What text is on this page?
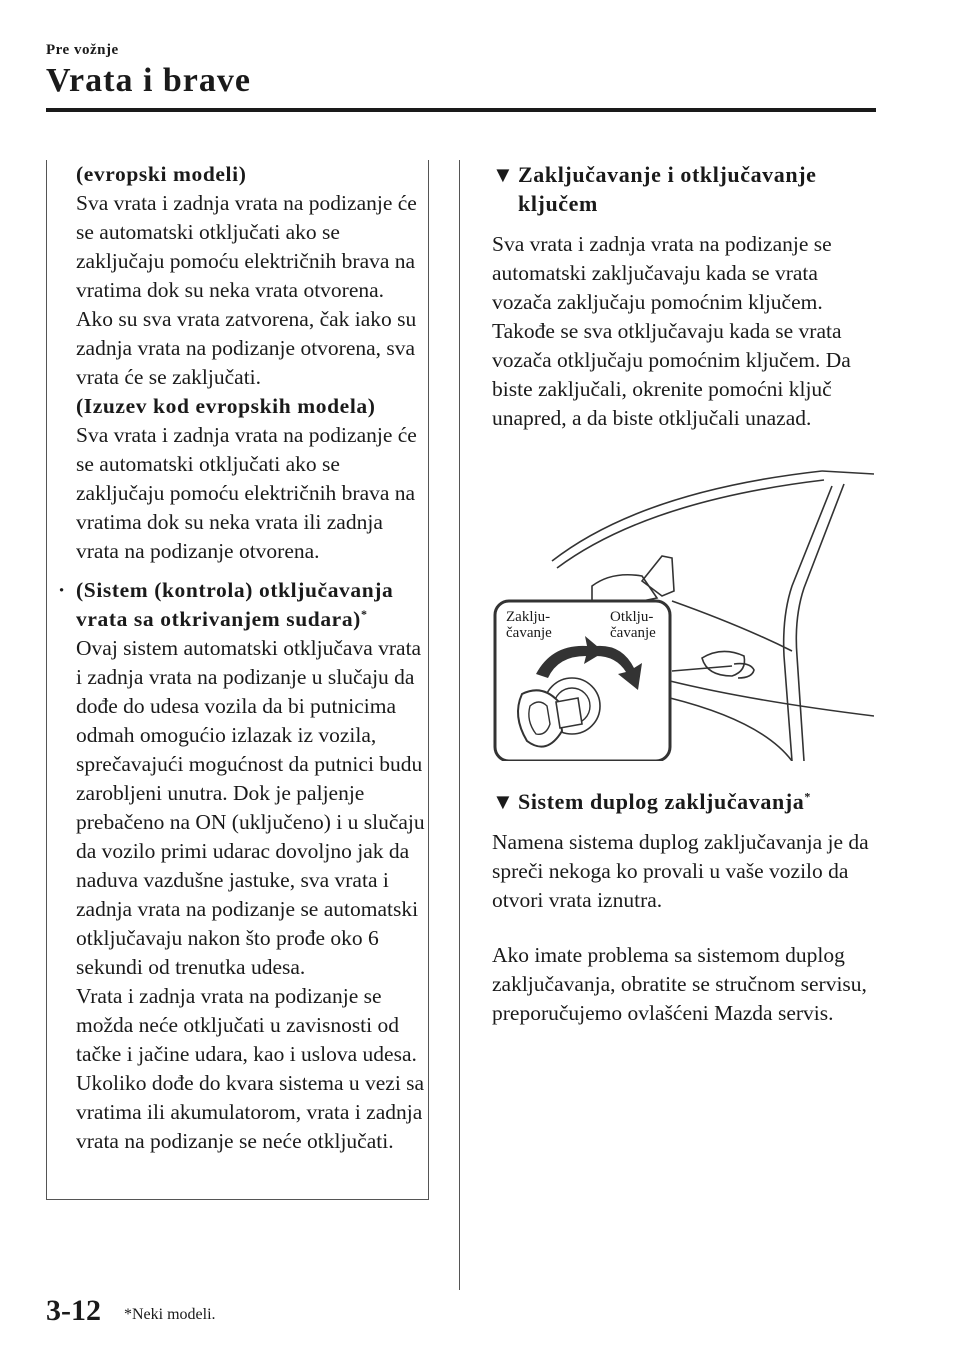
Pre vožnje
Vrata i brave

(evropski modeli)

Sva vrata i zadnja vrata na podizanje će se automatski otključati ako se zaključaju pomoću električnih brava na vratima dok su neka vrata otvorena.

Ako su sva vrata zatvorena, čak iako su zadnja vrata na podizanje otvorena, sva vrata će se zaključati.

(Izuzev kod evropskih modela)

Sva vrata i zadnja vrata na podizanje će se automatski otključati ako se zaključaju pomoću električnih brava na vratima dok su neka vrata ili zadnja vrata na podizanje otvorena.

· (Sistem (kontrola) otključavanja vrata sa otkrivanjem sudara)*

Ovaj sistem automatski otključava vrata i zadnja vrata na podizanje u slučaju da dođe do udesa vozila da bi putnicima odmah omogućio izlazak iz vozila, sprečavajući mogućnost da putnici budu zarobljeni unutra. Dok je paljenje prebačeno na ON (uključeno) i u slučaju da vozilo primi udarac dovoljno jak da naduva vazdušne jastuke, sva vrata i zadnja vrata na podizanje se automatski otključavaju nakon što prođe oko 6 sekundi od trenutka udesa.

Vrata i zadnja vrata na podizanje se možda neće otključati u zavisnosti od tačke i jačine udara, kao i uslova udesa.

Ukoliko dođe do kvara sistema u vezi sa vratima ili akumulatorom, vrata i zadnja vrata na podizanje se neće otključati.

▼ Zaključavanje i otključavanje ključem

Sva vrata i zadnja vrata na podizanje se automatski zaključavaju kada se vrata vozača zaključaju pomoćnim ključem. Takođe se sva otključavaju kada se vrata vozača otključaju pomoćnim ključem. Da biste zaključali, okrenite pomoćni ključ unapred, a da biste otključali unazad.

Zaklju-
čavanje
Otklju-
čavanje
▼ Sistem duplog zaključavanja*

Namena sistema duplog zaključavanja je da spreči nekoga ko provali u vaše vozilo da otvori vrata iznutra.

Ako imate problema sa sistemom duplog zaključavanja, obratite se stručnom servisu, preporučujemo ovlašćeni Mazda servis.

3-12 *Neki modeli.
